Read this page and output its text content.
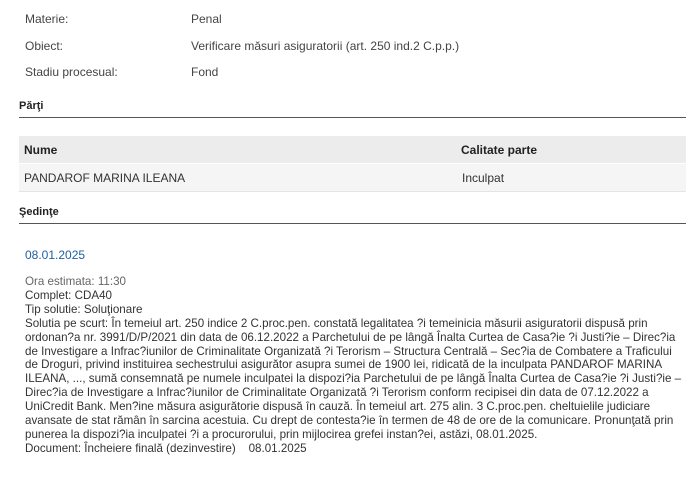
Materie:	Penal
Obiect:	Verificare măsuri asiguratorii (art. 250 ind.2 C.p.p.)
Stadiu procesual:	Fond
Părţi
Nume	Calitate parte
PANDAROF MARINA ILEANA	Inculpat
Şedinţe
08.01.2025
Ora estimata: 11:30
Complet: CDA40
Tip solutie: Soluţionare
Solutia pe scurt: În temeiul art. 250 indice 2 C.proc.pen. constată legalitatea ?i temeinicia măsurii asiguratorii dispusă prin
ordonan?a nr. 3991/D/P/2021 din data de 06.12.2022 a Parchetului de pe lângă Înalta Curtea de Casa?ie ?i Justi?ie – Direc?ia
de Investigare a Infrac?iunilor de Criminalitate Organizată ?i Terorism – Structura Centrală – Sec?ia de Combatere a Traficului
de Droguri, privind instituirea sechestrului asigurător asupra sumei de 1900 lei, ridicată de la inculpata PANDAROF MARINA
ILEANA, ..., sumă consemnată pe numele inculpatei la dispozi?ia Parchetului de pe lângă Înalta Curtea de Casa?ie ?i Justi?ie –
Direc?ia de Investigare a Infrac?iunilor de Criminalitate Organizată ?i Terorism conform recipisei din data de 07.12.2022 a
UniCredit Bank. Men?ine măsura asigurătorie dispusă în cauză. În temeiul art. 275 alin. 3 C.proc.pen. cheltuielile judiciare
avansate de stat rămân în sarcina acestuia. Cu drept de contesta?ie în termen de 48 de ore de la comunicare. Pronunţată prin
punerea la dispozi?ia inculpatei ?i a procurorului, prin mijlocirea grefei instan?ei, astăzi, 08.01.2025.
Document: Încheiere finală (dezinvestire)    08.01.2025
